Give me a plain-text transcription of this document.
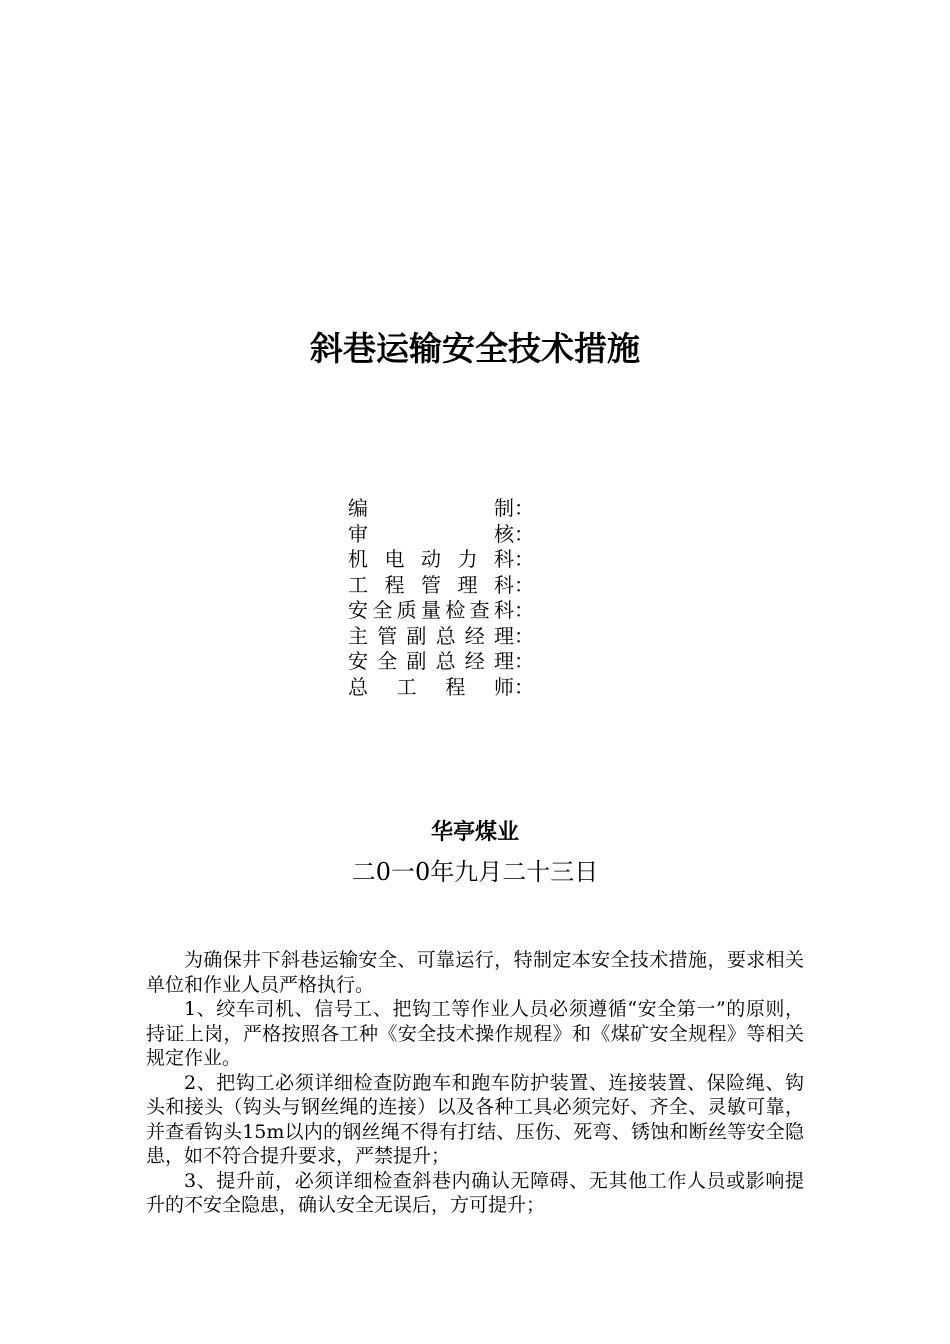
斜巷运输安全技术措施
编	制 ：
审	核 ：
机 电 动 力 科 ：
工 程 管 理 科 ：
安 全 质 量 检 查 科 ：
主 管 副 总 经 理 ：
安 全 副 总 经 理 ：
总 工 程 师 ：
华亭煤业
二0一0年九月二十三日

为确保井下斜巷运输安全、可靠运行，特制定本安全技术措施，要求相关单位和作业人员严格执行。

1、绞车司机、信号工、把钩工等作业人员必须遵循“安全第一”的原则，持证上岗，严格按照各工种《安全技术操作规程》和《煤矿安全规程》等相关规定作业。

2、把钩工必须详细检查防跑车和跑车防护装置、连接装置、保险绳、钩头和接头（钩头与钢丝绳的连接）以及各种工具必须完好、齐全、灵敏可靠，并查看钩头15m以内的钢丝绳不得有打结、压伤、死弯、锈蚀和断丝等安全隐患，如不符合提升要求，严禁提升；

3、提升前，必须详细检查斜巷内确认无障碍、无其他工作人员或影响提升的不安全隐患，确认安全无误后，方可提升；
